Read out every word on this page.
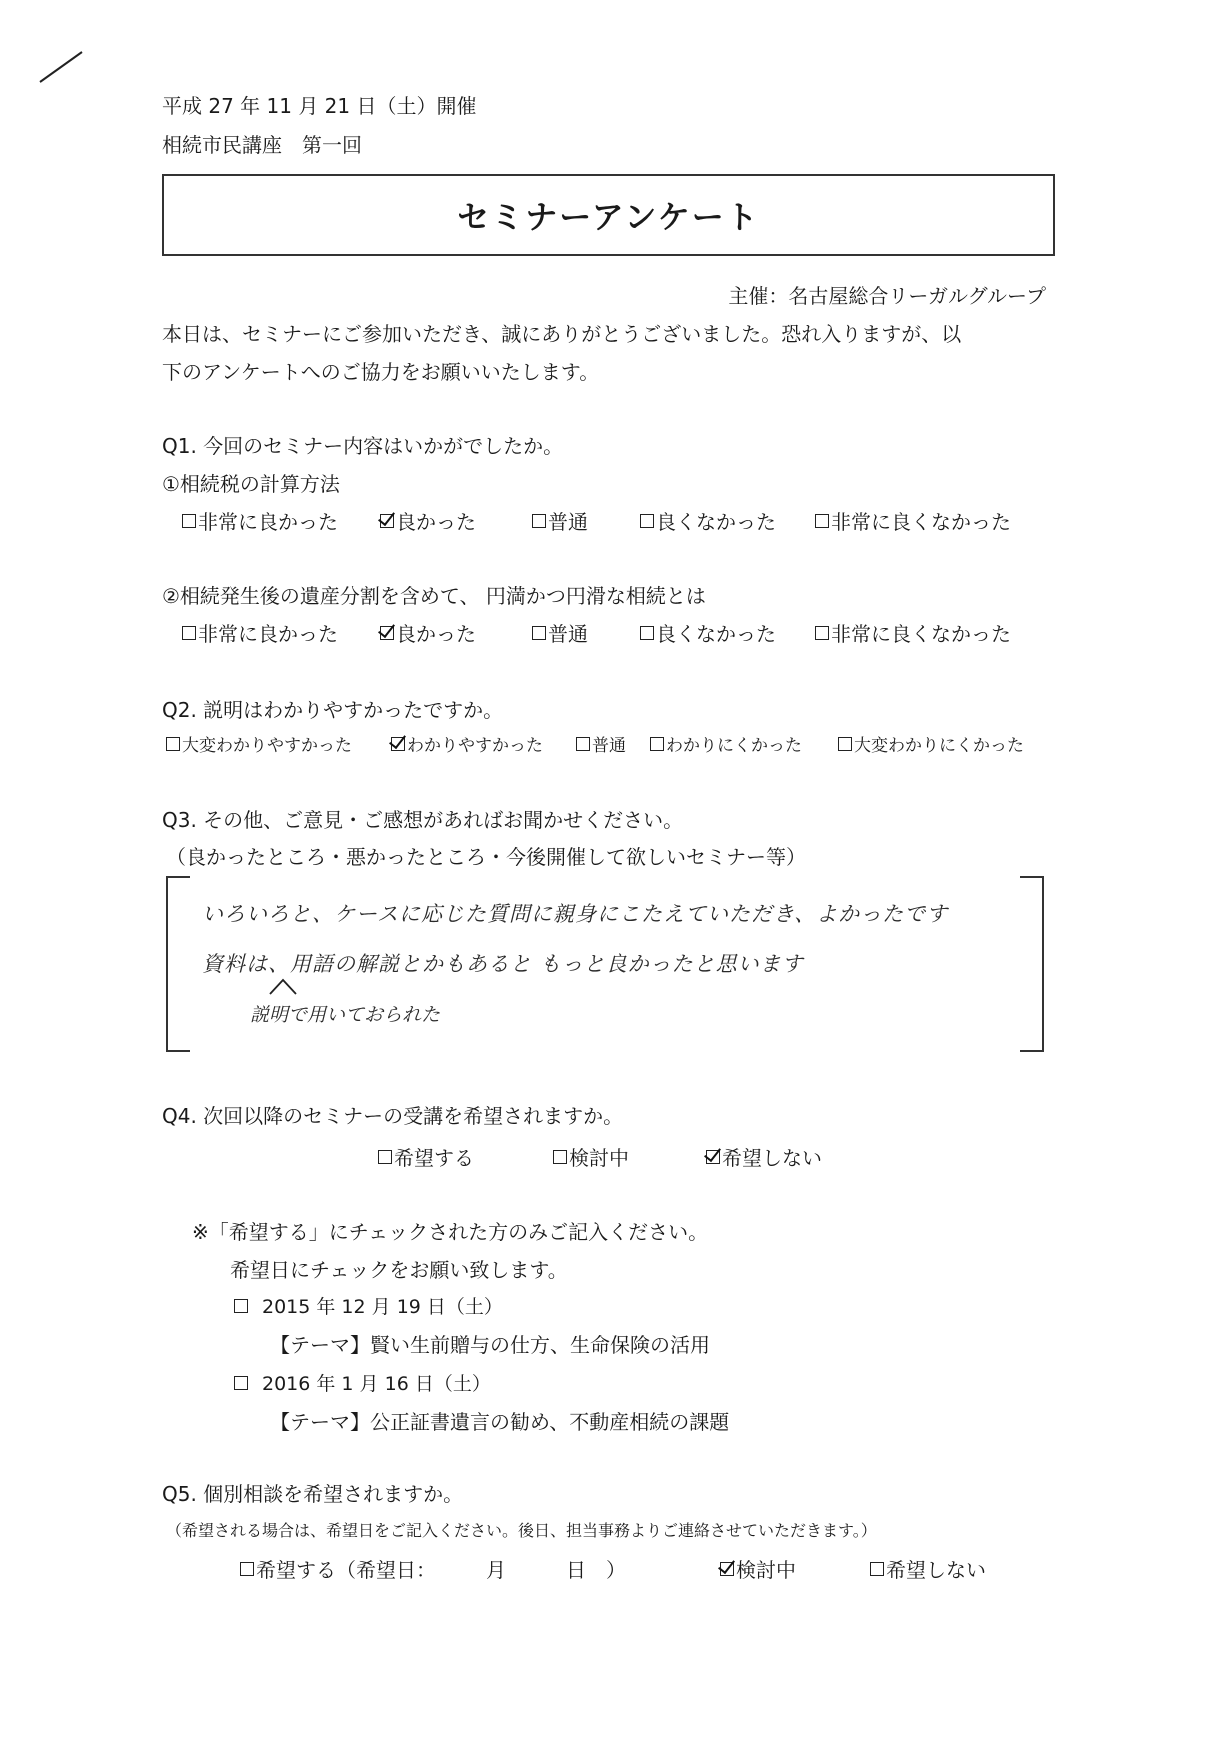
平成 27 年 11 月 21 日（土）開催
相続市民講座　第一回
セミナーアンケート
主催：名古屋総合リーガルグループ
本日は、セミナーにご参加いただき、誠にありがとうございました。恐れ入りますが、以
下のアンケートへのご協力をお願いいたします。
Q1. 今回のセミナー内容はいかがでしたか。
①相続税の計算方法
非常に良かった	良かった	普通	良くなかった	非常に良くなかった
②相続発生後の遺産分割を含めて、 円満かつ円滑な相続とは
非常に良かった	良かった	普通	良くなかった	非常に良くなかった
Q2. 説明はわかりやすかったですか。
大変わかりやすかった	わかりやすかった	普通 わかりにくかった	大変わかりにくかった
Q3. その他、ご意見・ご感想があればお聞かせください。
（良かったところ・悪かったところ・今後開催して欲しいセミナー等）
いろいろと、ケースに応じた質問に親身にこたえていただき、よかったです
資料は、用語の解説とかもあると もっと良かったと思います
説明で用いておられた
Q4. 次回以降のセミナーの受講を希望されますか。
希望する	検討中	希望しない
※「希望する」にチェックされた方のみご記入ください。
希望日にチェックをお願い致します。
2015 年 12 月 19 日（土）
【テーマ】賢い生前贈与の仕方、生命保険の活用
2016 年 1 月 16 日（土）
【テーマ】公正証書遺言の勧め、不動産相続の課題
Q5. 個別相談を希望されますか。
（希望される場合は、希望日をご記入ください。後日、担当事務よりご連絡させていただきます。）
希望する（希望日：　　　月　　　日　）	検討中	希望しない
